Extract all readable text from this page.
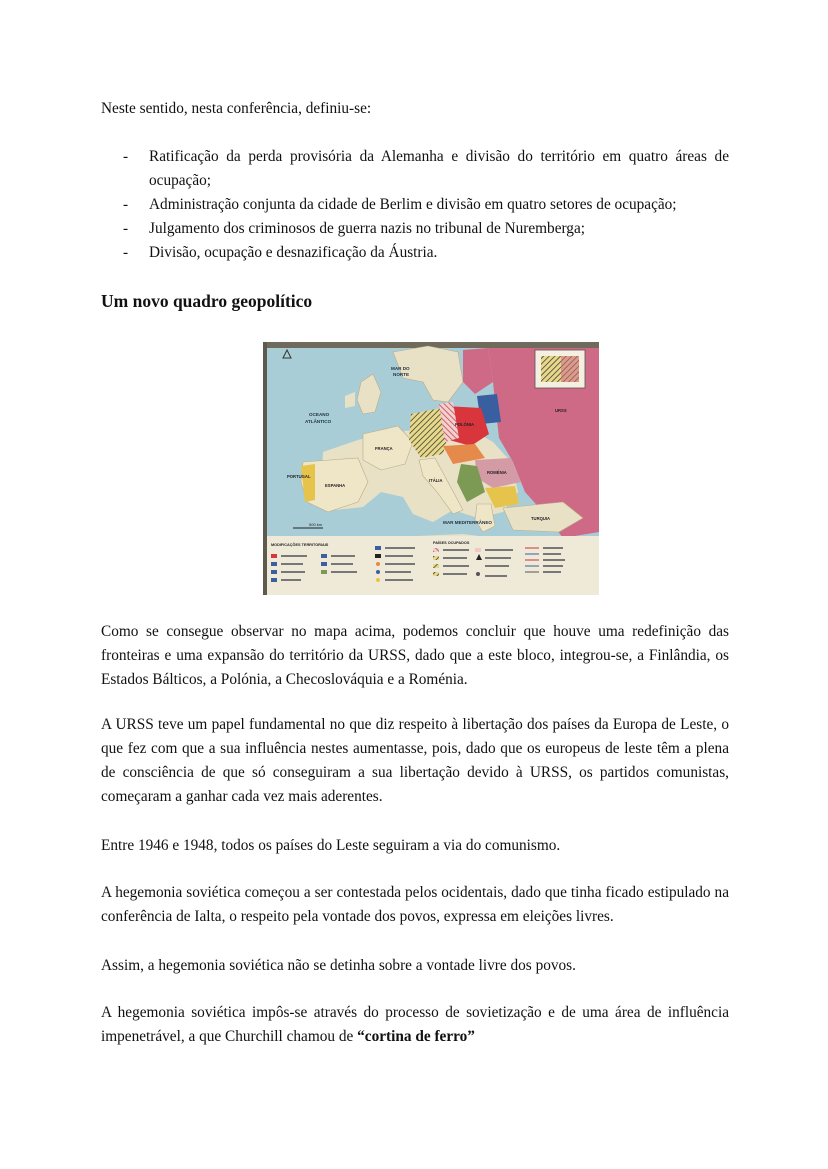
Neste sentido, nesta conferência, definiu-se:

- Ratificação da perda provisória da Alemanha e divisão do território em quatro áreas de ocupação;
- Administração conjunta da cidade de Berlim e divisão em quatro setores de ocupação;
- Julgamento dos criminosos de guerra nazis no tribunal de Nuremberga;
- Divisão, ocupação e desnazificação da Áustria.
Um novo quadro geopolítico
OCEANO
ATLÂNTICO
MAR DO
NORTE
MAR MEDITERRÂNEO
URSS
POLÓNIA
FRANÇA
ESPANHA
PORTUGAL
ITÁLIA
ROMÉNIA
TURQUIA
500 km
MODIFICAÇÕES TERRITORIAIS	PAÍSES OCUPADOS

Como se consegue observar no mapa acima, podemos concluir que houve uma redefinição das fronteiras e uma expansão do território da URSS, dado que a este bloco, integrou-se, a Finlândia, os Estados Bálticos, a Polónia, a Checoslováquia e a Roménia.

A URSS teve um papel fundamental no que diz respeito à libertação dos países da Europa de Leste, o que fez com que a sua influência nestes aumentasse, pois, dado que os europeus de leste têm a plena de consciência de que só conseguiram a sua libertação devido à URSS, os partidos comunistas, começaram a ganhar cada vez mais aderentes.

Entre 1946 e 1948, todos os países do Leste seguiram a via do comunismo.

A hegemonia soviética começou a ser contestada pelos ocidentais, dado que tinha ficado estipulado na conferência de Ialta, o respeito pela vontade dos povos, expressa em eleições livres.

Assim, a hegemonia soviética não se detinha sobre a vontade livre dos povos.

A hegemonia soviética impôs-se através do processo de sovietização e de uma área de influência impenetrável, a que Churchill chamou de “cortina de ferro”
